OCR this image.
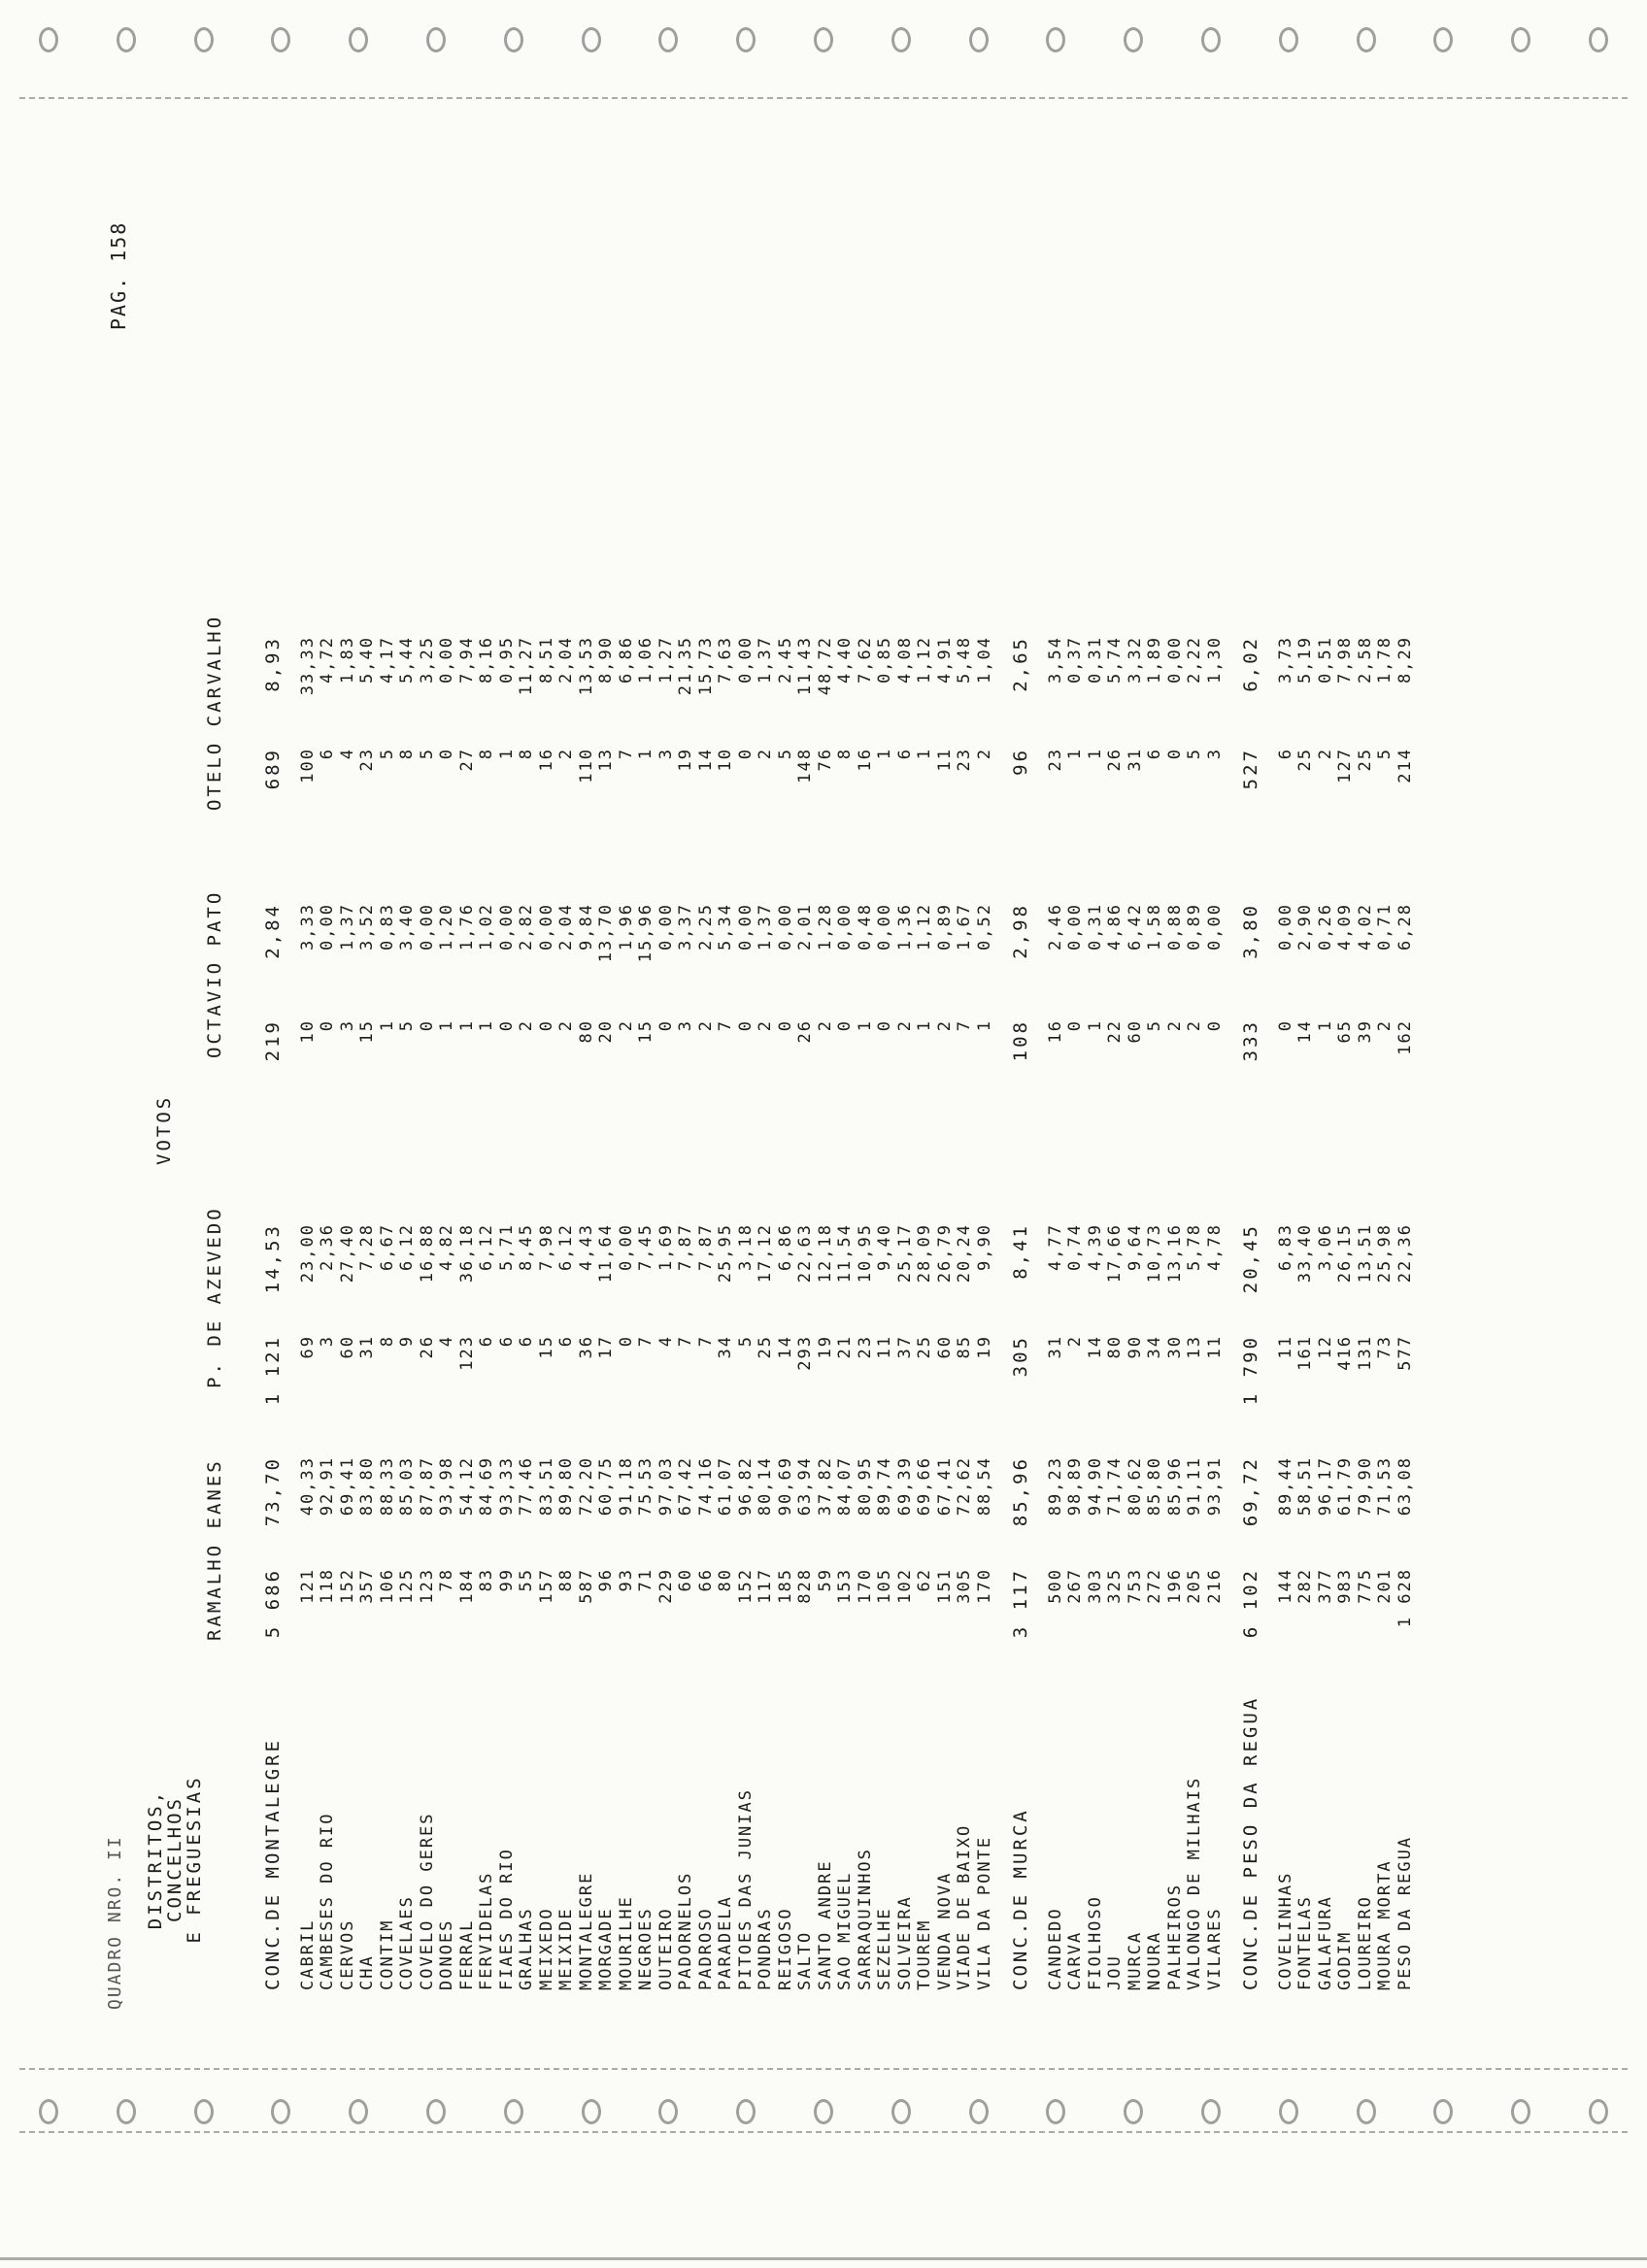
QUADRO NRO. II
PAG. 158
DISTRITOS, CONCELHOS
E FREGUESIAS
VOTOS
RAMALHO EANES
P. DE AZEVEDO
OCTAVIO PATO
OTELO CARVALHO
CONC.DE MONTALEGRE
5 686
73,70
1 121
14,53
219
2,84
689
8,93
CABRIL
121
40,33
69
23,00
10
3,33
100
33,33
CAMBESES DO RIO
118
92,91
3
2,36
0
0,00
6
4,72
CERVOS
152
69,41
60
27,40
3
1,37
4
1,83
CHA
357
83,80
31
7,28
15
3,52
23
5,40
CONTIM
106
88,33
8
6,67
1
0,83
5
4,17
COVELAES
125
85,03
9
6,12
5
3,40
8
5,44
COVELO DO GERES
123
87,87
26
16,88
0
0,00
5
3,25
DONOES
78
93,98
4
4,82
1
1,20
0
0,00
FERRAL
184
54,12
123
36,18
1
1,76
27
7,94
FERVIDELAS
83
84,69
6
6,12
1
1,02
8
8,16
FIAES DO RIO
99
93,33
6
5,71
0
0,00
1
0,95
GRALHAS
55
77,46
6
8,45
2
2,82
8
11,27
MEIXEDO
157
83,51
15
7,98
0
0,00
16
8,51
MEIXIDE
88
89,80
6
6,12
2
2,04
2
2,04
MONTALEGRE
587
72,20
36
4,43
80
9,84
110
13,53
MORGADE
96
60,75
17
11,64
20
13,70
13
8,90
MOURILHE
93
91,18
0
0,00
2
1,96
7
6,86
NEGROES
71
75,53
7
7,45
15
15,96
1
1,06
OUTEIRO
229
97,03
4
1,69
0
0,00
3
1,27
PADORNELOS
60
67,42
7
7,87
3
3,37
19
21,35
PADROSO
66
74,16
7
7,87
2
2,25
14
15,73
PARADELA
80
61,07
34
25,95
7
5,34
10
7,63
PITOES DAS JUNIAS
152
96,82
5
3,18
0
0,00
0
0,00
PONDRAS
117
80,14
25
17,12
2
1,37
2
1,37
REIGOSO
185
90,69
14
6,86
0
0,00
5
2,45
SALTO
828
63,94
293
22,63
26
2,01
148
11,43
SANTO ANDRE
59
37,82
19
12,18
2
1,28
76
48,72
SAO MIGUEL
153
84,07
21
11,54
0
0,00
8
4,40
SARRAQUINHOS
170
80,95
23
10,95
1
0,48
16
7,62
SEZELHE
105
89,74
11
9,40
0
0,00
1
0,85
SOLVEIRA
102
69,39
37
25,17
2
1,36
6
4,08
TOUREM
62
69,66
25
28,09
1
1,12
1
1,12
VENDA NOVA
151
67,41
60
26,79
2
0,89
11
4,91
VIADE DE BAIXO
305
72,62
85
20,24
7
1,67
23
5,48
VILA DA PONTE
170
88,54
19
9,90
1
0,52
2
1,04
CONC.DE MURCA
3 117
85,96
305
8,41
108
2,98
96
2,65
CANDEDO
500
89,23
31
4,77
16
2,46
23
3,54
CARVA
267
98,89
2
0,74
0
0,00
1
0,37
FIOLHOSO
303
94,90
14
4,39
1
0,31
1
0,31
JOU
325
71,74
80
17,66
22
4,86
26
5,74
MURCA
753
80,62
90
9,64
60
6,42
31
3,32
NOURA
272
85,80
34
10,73
5
1,58
6
1,89
PALHEIROS
196
85,96
30
13,16
2
0,88
0
0,00
VALONGO DE MILHAIS
205
91,11
13
5,78
2
0,89
5
2,22
VILARES
216
93,91
11
4,78
0
0,00
3
1,30
CONC.DE PESO DA REGUA
6 102
69,72
1 790
20,45
333
3,80
527
6,02
COVELINHAS
144
89,44
11
6,83
0
0,00
6
3,73
FONTELAS
282
58,51
161
33,40
14
2,90
25
5,19
GALAFURA
377
96,17
12
3,06
1
0,26
2
0,51
GODIM
983
61,79
416
26,15
65
4,09
127
7,98
LOUREIRO
775
79,90
131
13,51
39
4,02
25
2,58
MOURA MORTA
201
71,53
73
25,98
2
0,71
5
1,78
PESO DA REGUA
1 628
63,08
577
22,36
162
6,28
214
8,29
